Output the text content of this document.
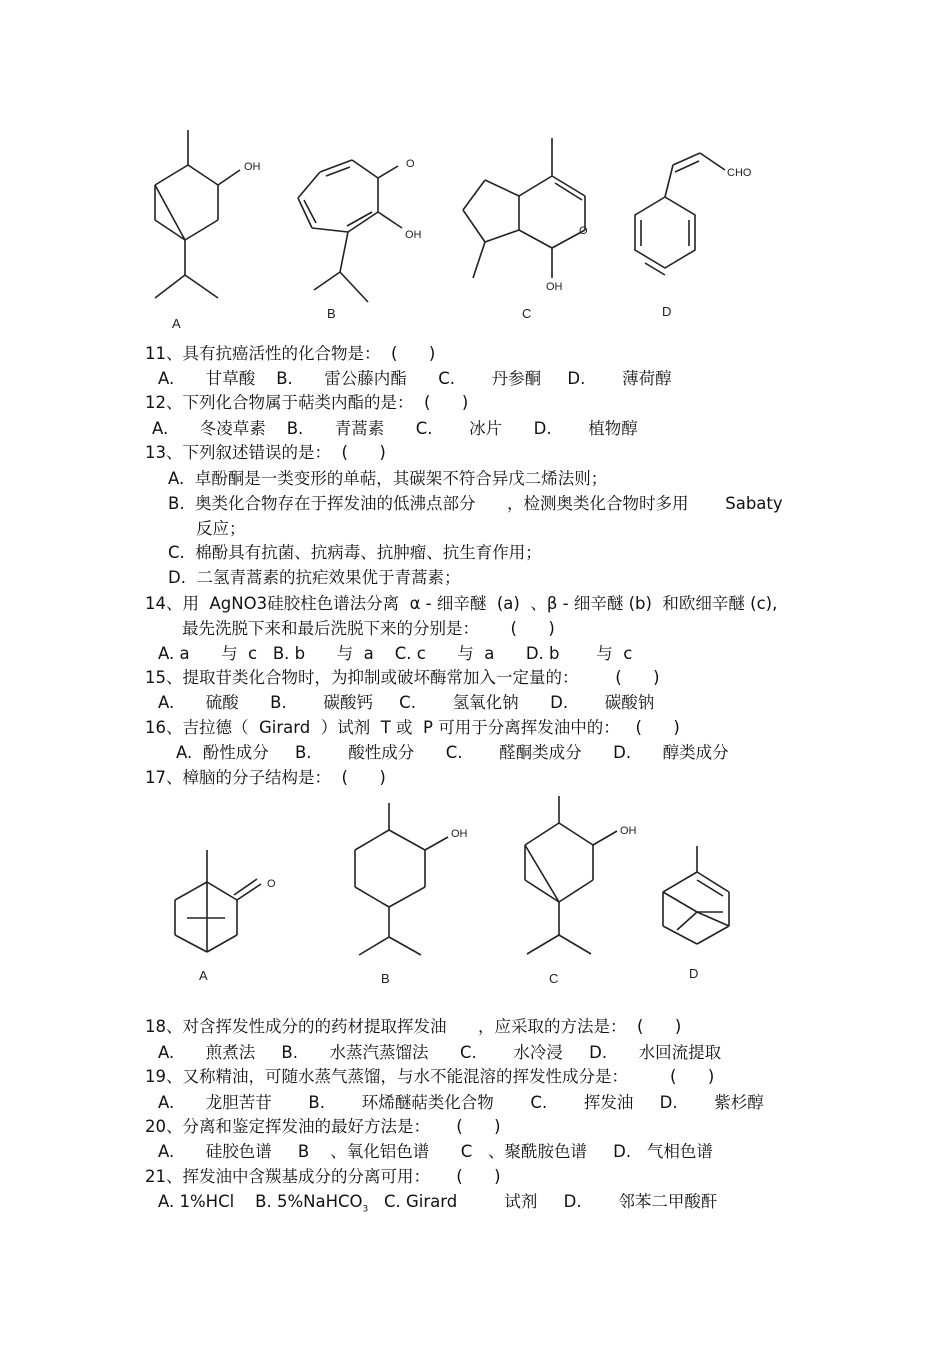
OH
A
O
OH
B
O
OH
C
CHO
D
11、具有抗癌活性的化合物是：  (      )
A.      甘草酸    B.      雷公藤内酯      C.       丹参酮     D.       薄荷醇
12、下列化合物属于萜类内酯的是：  (      )
A.      冬凌草素    B.      青蒿素      C.       冰片      D.       植物醇
13、下列叙述错误的是：  (      )
A.  卓酚酮是一类变形的单萜，其碳架不符合异戊二烯法则；
B.  奥类化合物存在于挥发油的低沸点部分      ，检测奥类化合物时多用       Sabaty
反应；
C.  棉酚具有抗菌、抗病毒、抗肿瘤、抗生育作用；
D.  二氢青蒿素的抗疟效果优于青蒿素；
14、用  AgNO3硅胶柱色谱法分离  α - 细辛醚  (a)  、β - 细辛醚 (b)  和欧细辛醚 (c),
最先洗脱下来和最后洗脱下来的分别是：      (      )
A. a      与  c   B. b      与  a    C. c      与  a      D. b       与  c
15、提取苷类化合物时，为抑制或破坏酶常加入一定量的：       (      )
A.      硫酸      B.       碳酸钙     C.       氢氧化钠      D.       碳酸钠
16、吉拉德（  Girard  ）试剂  T 或  P 可用于分离挥发油中的：   (      )
A.  酚性成分     B.       酸性成分      C.       醛酮类成分      D.      醇类成分
17、樟脑的分子结构是：  (      )
O
A
OH
B
OH
C	D
18、对含挥发性成分的的药材提取挥发油      ，应采取的方法是：  (      )
A.      煎煮法     B.      水蒸汽蒸馏法      C.       水冷浸     D.      水回流提取
19、又称精油，可随水蒸气蒸馏，与水不能混溶的挥发性成分是：        (      )
A.      龙胆苦苷       B.       环烯醚萜类化合物       C.       挥发油     D.       紫杉醇
20、分离和鉴定挥发油的最好方法是：     (      )
A.      硅胶色谱     B    、氧化铝色谱      C   、聚酰胺色谱     D.   气相色谱
21、挥发油中含羰基成分的分离可用：     (      )
A. 1%HCl    B. 5%NaHCO$_3$   C. Girard         试剂     D.       邻苯二甲酸酐
